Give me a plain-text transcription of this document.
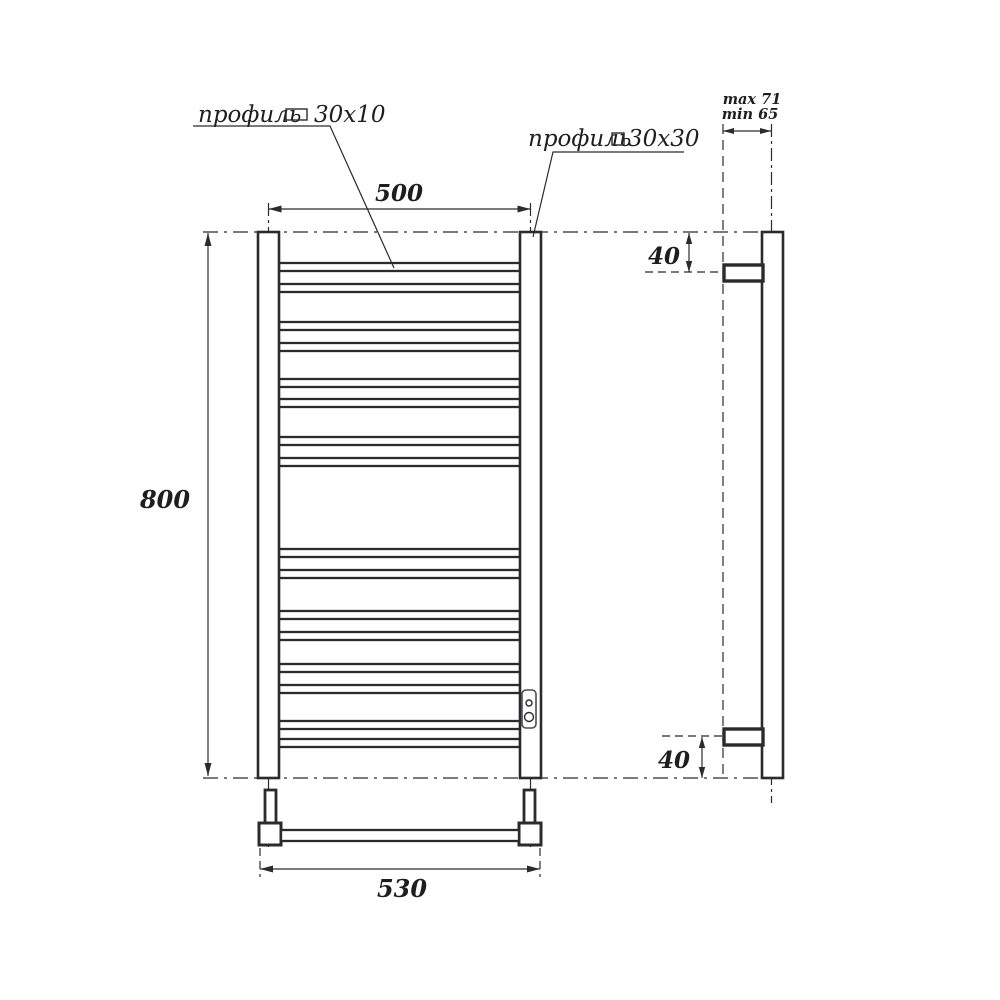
500
800
530
max 71
min 65
40
40
профиль 30x10
профиль
30x30
